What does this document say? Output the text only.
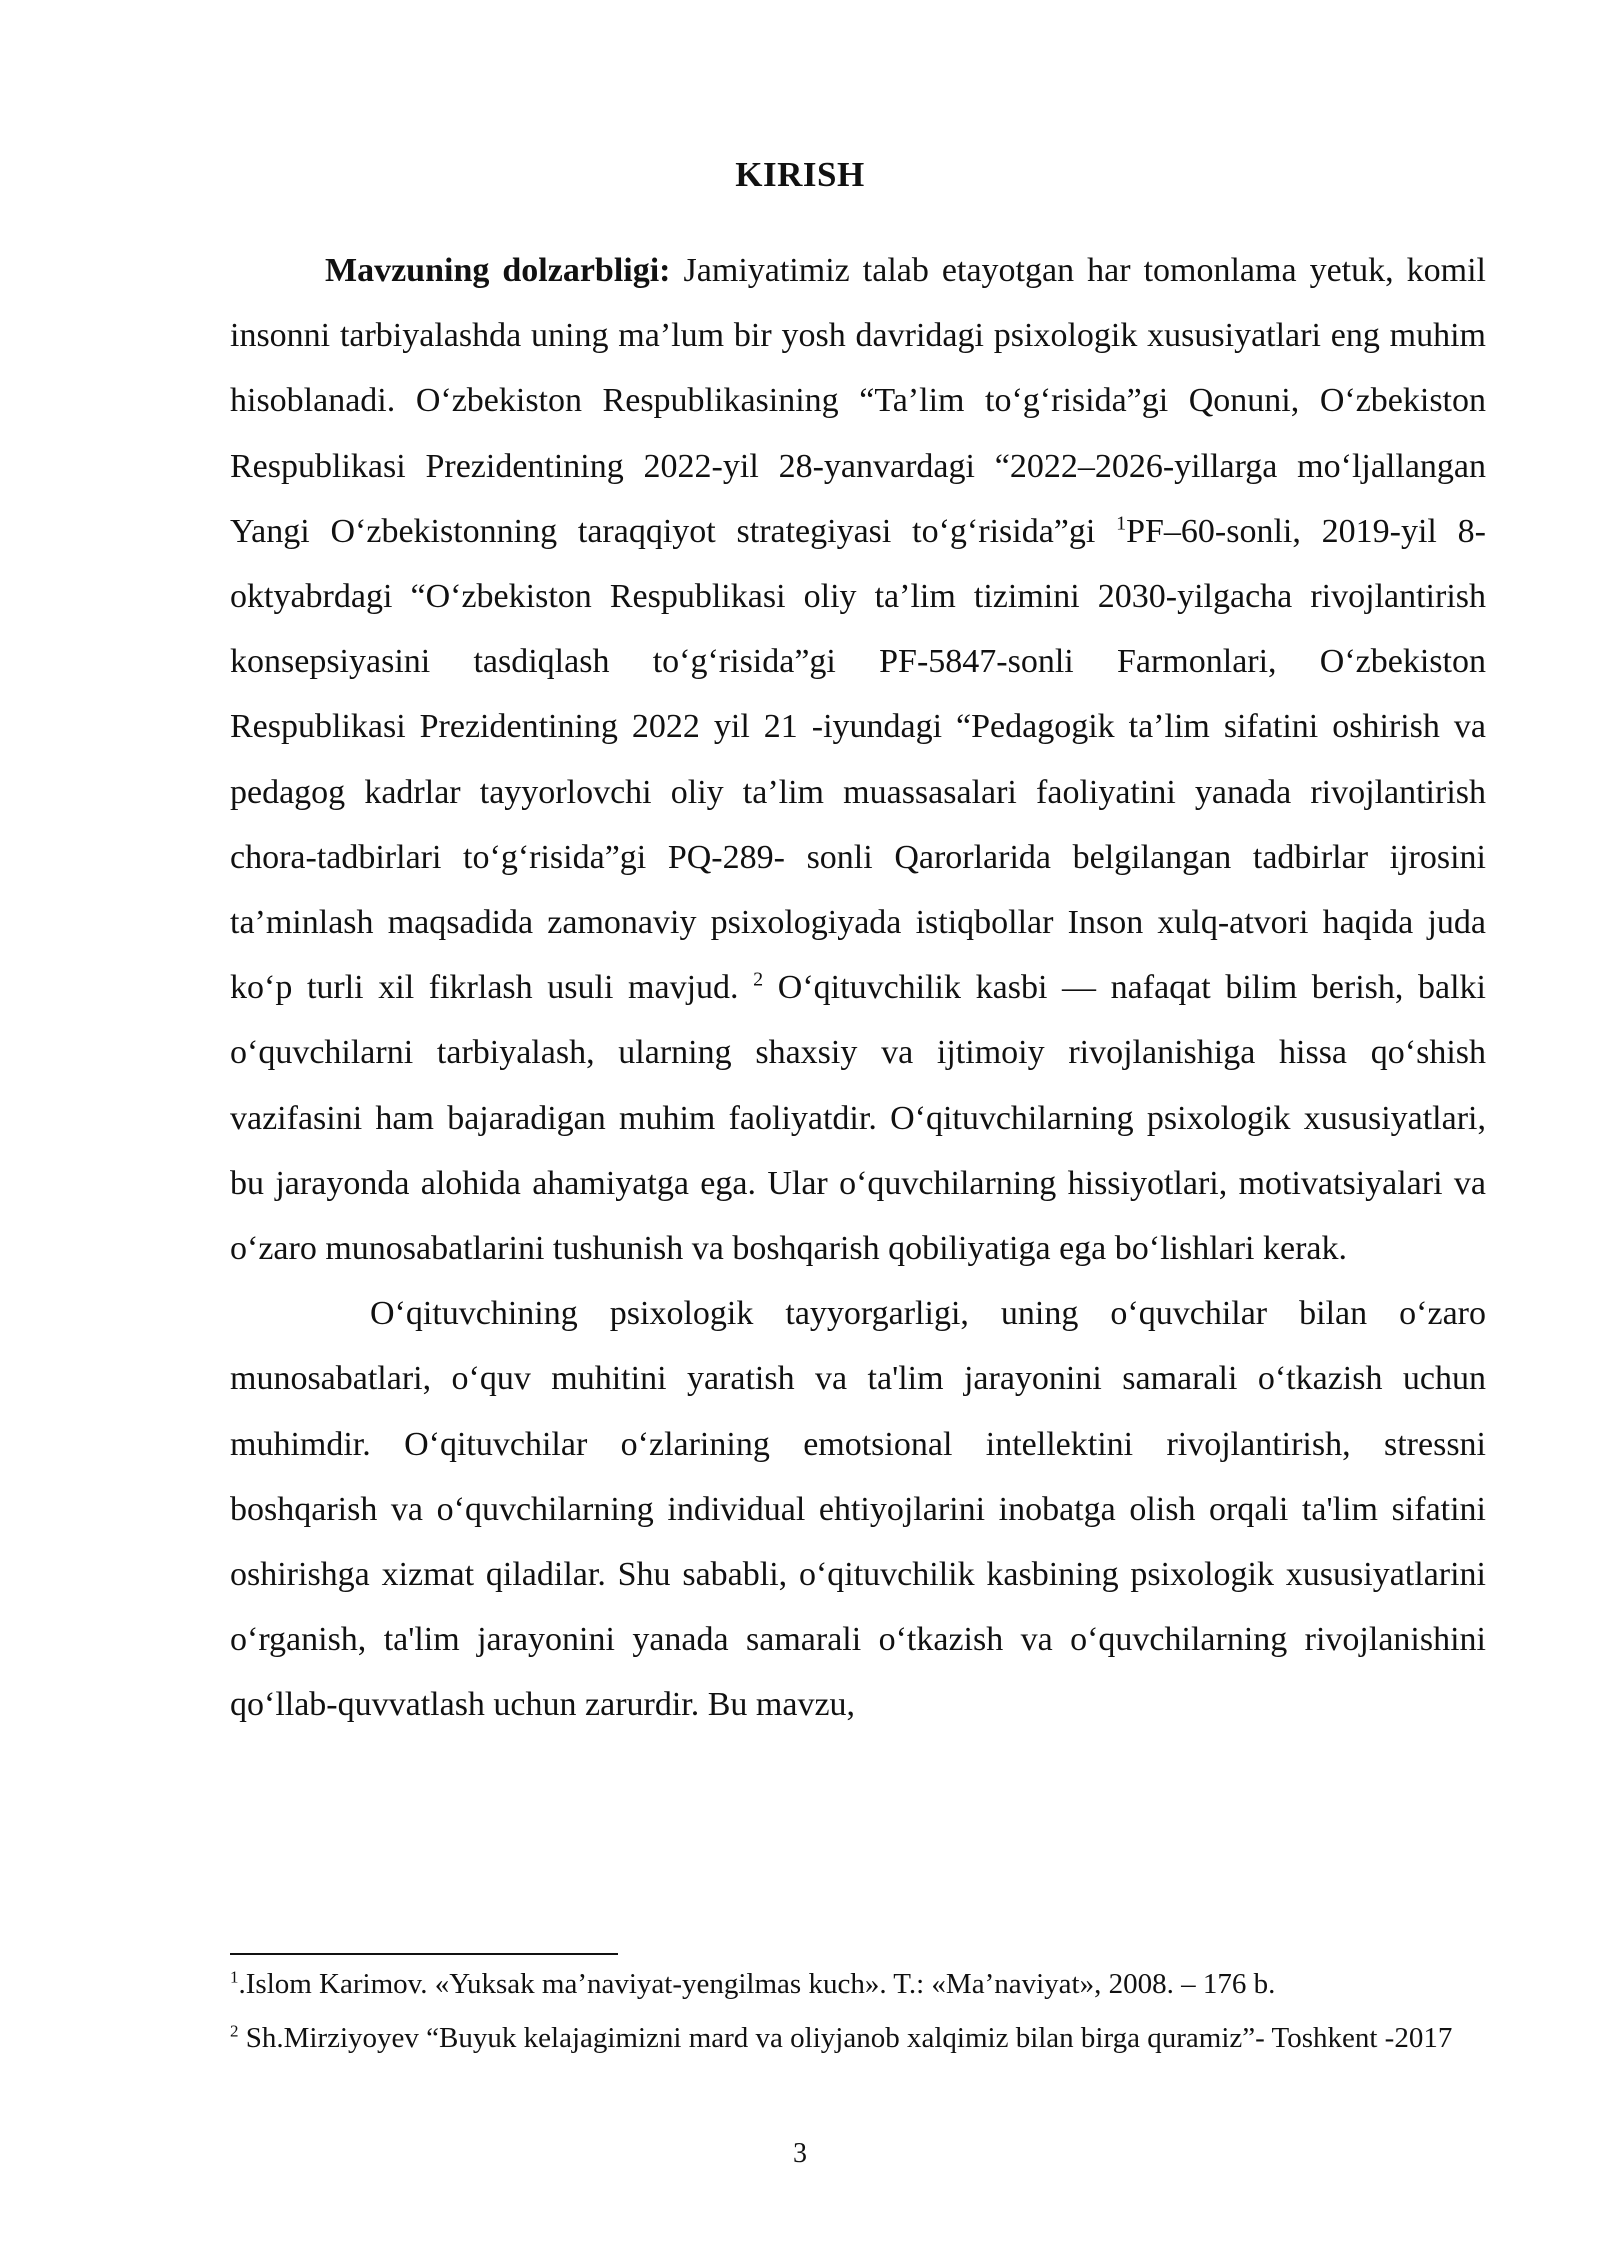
KIRISH

Mavzuning dolzarbligi: Jamiyatimiz talab etayotgan har tomonlama yetuk, komil insonni tarbiyalashda uning ma’lum bir yosh davridagi psixologik xususiyatlari eng muhim hisoblanadi. O‘zbekiston Respublikasining “Ta’lim to‘g‘risida”gi Qonuni, O‘zbekiston Respublikasi Prezidentining 2022-yil 28-yanvardagi “2022–2026-yillarga mo‘ljallangan Yangi O‘zbekistonning taraqqiyot strategiyasi to‘g‘risida”gi $^1$PF–60-sonli, 2019-yil 8-oktyabrdagi “O‘zbekiston Respublikasi oliy ta’lim tizimini 2030-yilgacha rivojlantirish konsepsiyasini tasdiqlash to‘g‘risida”gi PF-5847-sonli Farmonlari, O‘zbekiston Respublikasi Prezidentining 2022 yil 21 -iyundagi “Pedagogik ta’lim sifatini oshirish va pedagog kadrlar tayyorlovchi oliy ta’lim muassasalari faoliyatini yanada rivojlantirish chora-tadbirlari to‘g‘risida”gi PQ-289- sonli Qarorlarida belgilangan tadbirlar ijrosini ta’minlash maqsadida zamonaviy psixologiyada istiqbollar Inson xulq-atvori haqida juda ko‘p turli xil fikrlash usuli mavjud. $^2$ O‘qituvchilik kasbi — nafaqat bilim berish, balki o‘quvchilarni tarbiyalash, ularning shaxsiy va ijtimoiy rivojlanishiga hissa qo‘shish vazifasini ham bajaradigan muhim faoliyatdir. O‘qituvchilarning psixologik xususiyatlari, bu jarayonda alohida ahamiyatga ega. Ular o‘quvchilarning hissiyotlari, motivatsiyalari va o‘zaro munosabatlarini tushunish va boshqarish qobiliyatiga ega bo‘lishlari kerak.

O‘qituvchining psixologik tayyorgarligi, uning o‘quvchilar bilan o‘zaro munosabatlari, o‘quv muhitini yaratish va ta'lim jarayonini samarali o‘tkazish uchun muhimdir. O‘qituvchilar o‘zlarining emotsional intellektini rivojlantirish, stressni boshqarish va o‘quvchilarning individual ehtiyojlarini inobatga olish orqali ta'lim sifatini oshirishga xizmat qiladilar. Shu sababli, o‘qituvchilik kasbining psixologik xususiyatlarini o‘rganish, ta'lim jarayonini yanada samarali o‘tkazish va o‘quvchilarning rivojlanishini qo‘llab-quvvatlash uchun zarurdir. Bu mavzu,

$^1$.Islom Karimov. «Yuksak ma’naviyat-yengilmas kuch». T.: «Ma’naviyat», 2008. – 176 b.

$^2$ Sh.Mirziyoyev “Buyuk kelajagimizni mard va oliyjanob xalqimiz bilan birga quramiz”- Toshkent -2017

3
